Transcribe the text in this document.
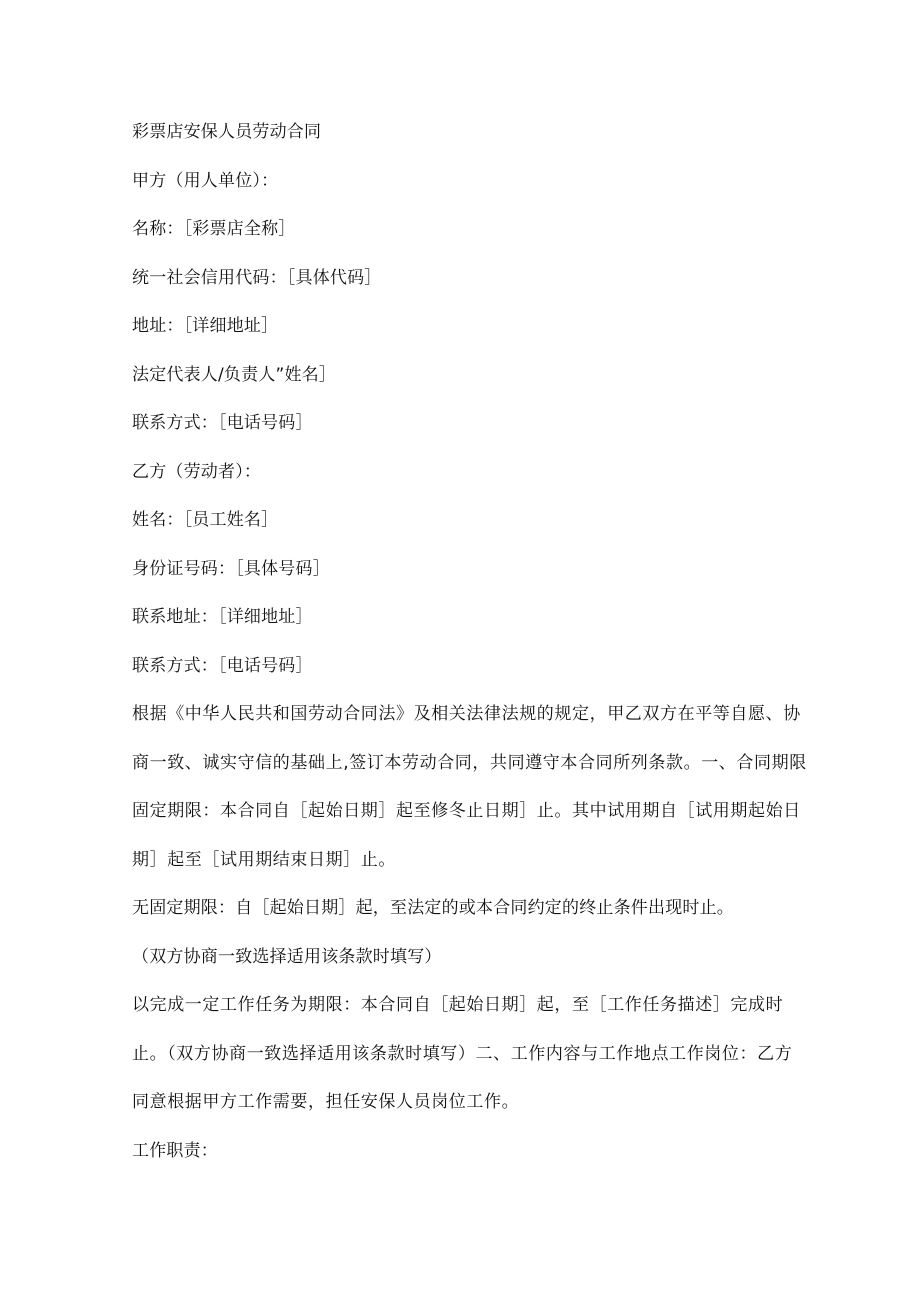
彩票店安保人员劳动合同
甲方（用人单位）：
名称：［彩票店全称］
统一社会信用代码：［具体代码］
地址：［详细地址］
法定代表人/负责人”姓名］
联系方式：［电话号码］
乙方（劳动者）：
姓名：［员工姓名］
身份证号码：［具体号码］
联系地址：［详细地址］
联系方式：［电话号码］
根据《中华人民共和国劳动合同法》及相关法律法规的规定，甲乙双方在平等自愿、协
商一致、诚实守信的基础上,签订本劳动合同，共同遵守本合同所列条款。一、合同期限
固定期限：本合同自［起始日期］起至修冬止日期］止。其中试用期自［试用期起始日
期］起至［试用期结束日期］止。
无固定期限：自［起始日期］起，至法定的或本合同约定的终止条件出现时止。
（双方协商一致选择适用该条款时填写）
以完成一定工作任务为期限：本合同自［起始日期］起，至［工作任务描述］完成时
止。（双方协商一致选择适用该条款时填写）二、工作内容与工作地点工作岗位：乙方
同意根据甲方工作需要，担任安保人员岗位工作。
工作职责：
